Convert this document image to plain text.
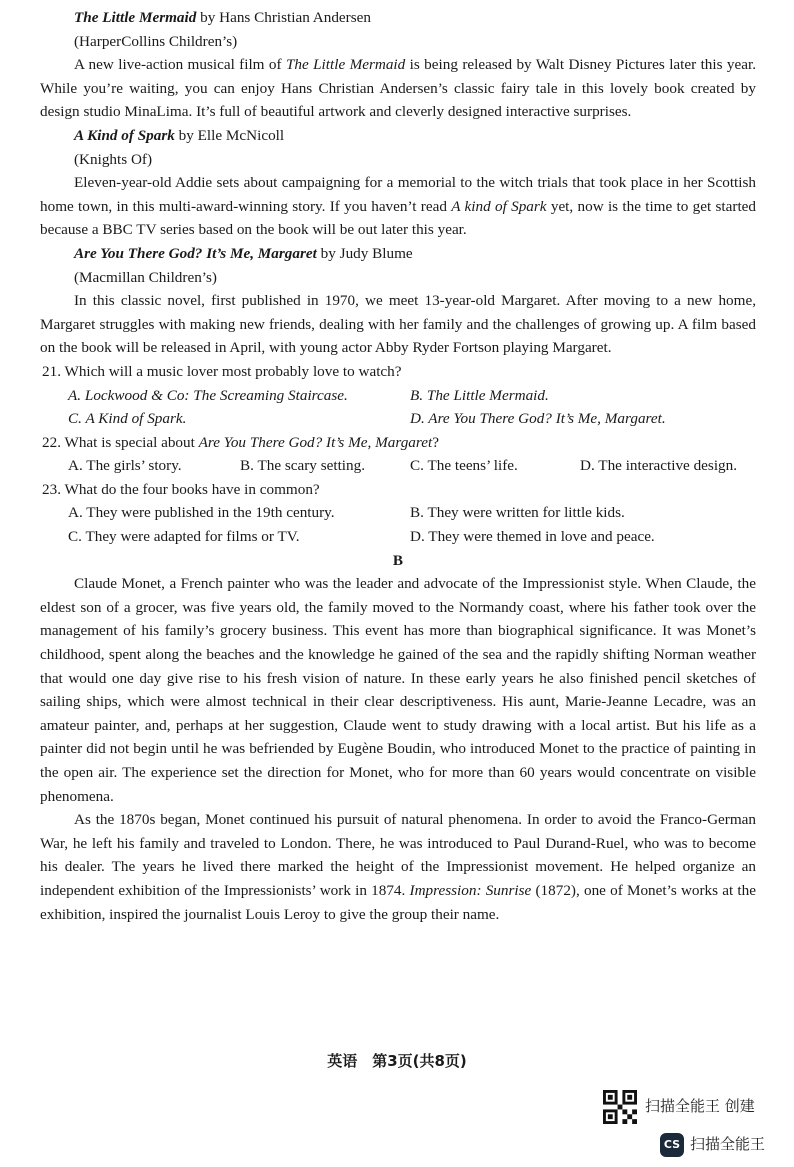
The Little Mermaid by Hans Christian Andersen

(HarperCollins Children’s)

A new live-action musical film of The Little Mermaid is being released by Walt Disney Pictures later this year. While you’re waiting, you can enjoy Hans Christian Andersen’s classic fairy tale in this lovely book created by design studio MinaLima. It’s full of beautiful artwork and cleverly designed interactive surprises.

A Kind of Spark by Elle McNicoll

(Knights Of)

Eleven-year-old Addie sets about campaigning for a memorial to the witch trials that took place in her Scottish home town, in this multi-award-winning story. If you haven’t read A kind of Spark yet, now is the time to get started because a BBC TV series based on the book will be out later this year.

Are You There God? It’s Me, Margaret by Judy Blume

(Macmillan Children’s)

In this classic novel, first published in 1970, we meet 13-year-old Margaret. After moving to a new home, Margaret struggles with making new friends, dealing with her family and the challenges of growing up. A film based on the book will be released in April, with young actor Abby Ryder Fortson playing Margaret.

21. Which will a music lover most probably love to watch?

A. Lockwood & Co: The Screaming Staircase.	B. The Little Mermaid.
C. A Kind of Spark.	D. Are You There God? It’s Me, Margaret.

22. What is special about Are You There God? It’s Me, Margaret?

A. The girls’ story.	B. The scary setting.	C. The teens’ life.	D. The interactive design.

23. What do the four books have in common?

A. They were published in the 19th century.	B. They were written for little kids.
C. They were adapted for films or TV.	D. They were themed in love and peace.

B

Claude Monet, a French painter who was the leader and advocate of the Impressionist style. When Claude, the eldest son of a grocer, was five years old, the family moved to the Normandy coast, where his father took over the management of his family’s grocery business. This event has more than biographical significance. It was Monet’s childhood, spent along the beaches and the knowledge he gained of the sea and the rapidly shifting Norman weather that would one day give rise to his fresh vision of nature. In these early years he also finished pencil sketches of sailing ships, which were almost technical in their clear descriptiveness. His aunt, Marie-Jeanne Lecadre, was an amateur painter, and, perhaps at her suggestion, Claude went to study drawing with a local artist. But his life as a painter did not begin until he was befriended by Eugène Boudin, who introduced Monet to the practice of painting in the open air. The experience set the direction for Monet, who for more than 60 years would concentrate on visible phenomena.

As the 1870s began, Monet continued his pursuit of natural phenomena. In order to avoid the Franco-German War, he left his family and traveled to London. There, he was introduced to Paul Durand-Ruel, who was to become his dealer. The years he lived there marked the height of the Impressionist movement. He helped organize an independent exhibition of the Impressionists’ work in 1874. Impression: Sunrise (1872), one of Monet’s works at the exhibition, inspired the journalist Louis Leroy to give the group their name.

英语　第3页(共8页)
扫描全能王 创建
CS 扫描全能王
